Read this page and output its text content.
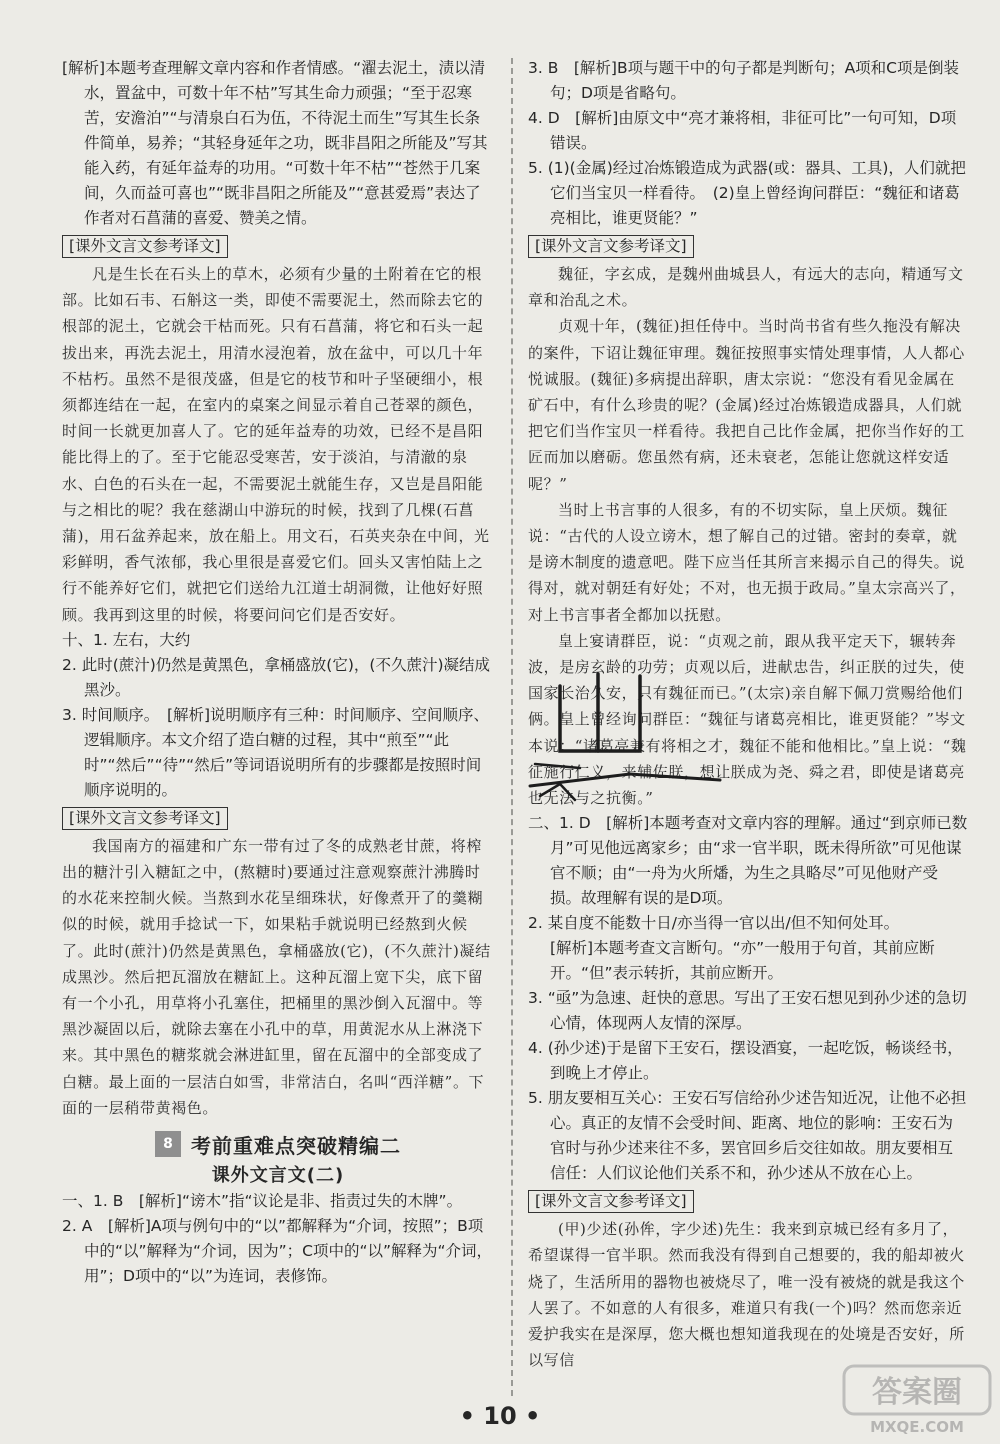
[解析]本题考查理解文章内容和作者情感。“濯去泥土，渍以清水，置盆中，可数十年不枯”写其生命力顽强；“至于忍寒苦，安澹泊”“与清泉白石为伍，不待泥土而生”写其生长条件简单，易养；“其轻身延年之功，既非昌阳之所能及”写其能入药，有延年益寿的功用。“可数十年不枯”“苍然于几案间，久而益可喜也”“既非昌阳之所能及”“意甚爱焉”表达了作者对石菖蒲的喜爱、赞美之情。

[课外文言文参考译文]

凡是生长在石头上的草木，必须有少量的土附着在它的根部。比如石韦、石斛这一类，即使不需要泥土，然而除去它的根部的泥土，它就会干枯而死。只有石菖蒲，将它和石头一起拔出来，再洗去泥土，用清水浸泡着，放在盆中，可以几十年不枯朽。虽然不是很茂盛，但是它的枝节和叶子坚硬细小，根须都连结在一起，在室内的桌案之间显示着自己苍翠的颜色，时间一长就更加喜人了。它的延年益寿的功效，已经不是昌阳能比得上的了。至于它能忍受寒苦，安于淡泊，与清澈的泉水、白色的石头在一起，不需要泥土就能生存，又岂是昌阳能与之相比的呢？我在慈湖山中游玩的时候，找到了几棵(石菖蒲)，用石盆养起来，放在船上。用文石，石英夹杂在中间，光彩鲜明，香气浓郁，我心里很是喜爱它们。回头又害怕陆上之行不能养好它们，就把它们送给九江道士胡洞微，让他好好照顾。我再到这里的时候，将要问问它们是否安好。

十、1. 左右，大约

2. 此时(蔗汁)仍然是黄黑色，拿桶盛放(它)，(不久蔗汁)凝结成黑沙。

3. 时间顺序。　[解析]说明顺序有三种：时间顺序、空间顺序、逻辑顺序。本文介绍了造白糖的过程，其中“煎至”“此时”“然后”“待”“然后”等词语说明所有的步骤都是按照时间顺序说明的。

[课外文言文参考译文]

我国南方的福建和广东一带有过了冬的成熟老甘蔗，将榨出的糖汁引入糖缸之中，(熬糖时)要通过注意观察蔗汁沸腾时的水花来控制火候。当熬到水花呈细珠状，好像煮开了的羹糊似的时候，就用手捻试一下，如果粘手就说明已经熬到火候了。此时(蔗汁)仍然是黄黑色，拿桶盛放(它)，(不久蔗汁)凝结成黑沙。然后把瓦溜放在糖缸上。这种瓦溜上宽下尖，底下留有一个小孔，用草将小孔塞住，把桶里的黑沙倒入瓦溜中。等黑沙凝固以后，就除去塞在小孔中的草，用黄泥水从上淋浇下来。其中黑色的糖浆就会淋进缸里，留在瓦溜中的全部变成了白糖。最上面的一层洁白如雪，非常洁白，名叫“西洋糖”。下面的一层稍带黄褐色。

8 考前重难点突破精编二
课外文言文(二)

一、1. B　[解析]“谤木”指“议论是非、指责过失的木牌”。

2. A　[解析]A项与例句中的“以”都解释为“介词，按照”；B项中的“以”解释为“介词，因为”；C项中的“以”解释为“介词，用”；D项中的“以”为连词，表修饰。

3. B　[解析]B项与题干中的句子都是判断句；A项和C项是倒装句；D项是省略句。

4. D　[解析]由原文中“亮才兼将相，非征可比”一句可知，D项错误。

5. (1)(金属)经过冶炼锻造成为武器(或：器具、工具)，人们就把它们当宝贝一样看待。　(2)皇上曾经询问群臣：“魏征和诸葛亮相比，谁更贤能？”

[课外文言文参考译文]

魏征，字玄成，是魏州曲城县人，有远大的志向，精通写文章和治乱之术。

贞观十年，(魏征)担任侍中。当时尚书省有些久拖没有解决的案件，下诏让魏征审理。魏征按照事实情处理事情，人人都心悦诚服。(魏征)多病提出辞职，唐太宗说：“您没有看见金属在矿石中，有什么珍贵的呢？(金属)经过冶炼锻造成器具，人们就把它们当作宝贝一样看待。我把自己比作金属，把你当作好的工匠而加以磨砺。您虽然有病，还未衰老，怎能让您就这样安适呢？”

当时上书言事的人很多，有的不切实际，皇上厌烦。魏征说：“古代的人设立谤木，想了解自己的过错。密封的奏章，就是谤木制度的遗意吧。陛下应当任其所言来揭示自己的得失。说得对，就对朝廷有好处；不对，也无损于政局。”皇太宗高兴了，对上书言事者全都加以抚慰。

皇上宴请群臣，说：“贞观之前，跟从我平定天下，辗转奔波，是房玄龄的功劳；贞观以后，进献忠告，纠正朕的过失，使国家长治久安，只有魏征而已。”(太宗)亲自解下佩刀赏赐给他们俩。皇上曾经询问群臣：“魏征与诸葛亮相比，谁更贤能？”岑文本说：“诸葛亮兼有将相之才，魏征不能和他相比。”皇上说：“魏征施行仁义，来辅佐朕，想让朕成为尧、舜之君，即使是诸葛亮也无法与之抗衡。”

二、1. D　[解析]本题考查对文章内容的理解。通过“到京师已数月”可见他远离家乡；由“求一官半职，既未得所欲”可见他谋官不顺；由“一舟为火所燔，为生之具略尽”可见他财产受损。故理解有误的是D项。

2. 某自度不能数十日/亦当得一官以出/但不知何处耳。

[解析]本题考查文言断句。“亦”一般用于句首，其前应断开。“但”表示转折，其前应断开。

3. “亟”为急速、赶快的意思。写出了王安石想见到孙少述的急切心情，体现两人友情的深厚。

4. (孙少述)于是留下王安石，摆设酒宴，一起吃饭，畅谈经书，到晚上才停止。

5. 朋友要相互关心：王安石写信给孙少述告知近况，让他不必担心。真正的友情不会受时间、距离、地位的影响：王安石为官时与孙少述来往不多，罢官回乡后交往如故。朋友要相互信任：人们议论他们关系不和，孙少述从不放在心上。

[课外文言文参考译文]

(甲)少述(孙侔，字少述)先生：我来到京城已经有多月了，希望谋得一官半职。然而我没有得到自己想要的，我的船却被火烧了，生活所用的器物也被烧尽了，唯一没有被烧的就是我这个人罢了。不如意的人有很多，难道只有我(一个)吗？然而您亲近爱护我实在是深厚，您大概也想知道我现在的处境是否安好，所以写信

• 10 •
答案圈
MXQE.COM
